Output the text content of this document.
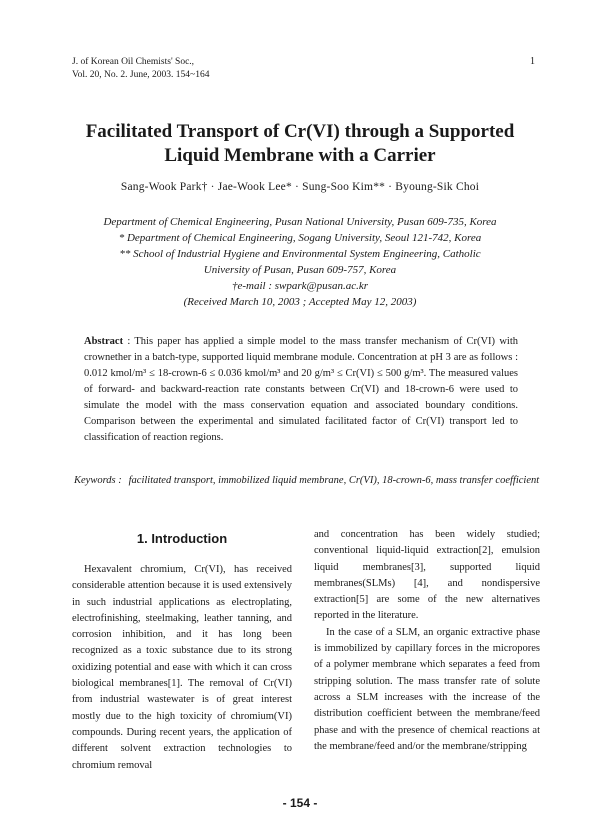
J. of Korean Oil Chemists' Soc.,
Vol. 20, No. 2. June, 2003. 154~164
1
Facilitated Transport of Cr(VI) through a Supported
Liquid Membrane with a Carrier
Sang-Wook Park† · Jae-Wook Lee* · Sung-Soo Kim** · Byoung-Sik Choi
Department of Chemical Engineering, Pusan National University, Pusan 609-735, Korea
* Department of Chemical Engineering, Sogang University, Seoul 121-742, Korea
** School of Industrial Hygiene and Environmental System Engineering, Catholic
University of Pusan, Pusan 609-757, Korea
†e-mail : swpark@pusan.ac.kr
(Received March 10, 2003 ; Accepted May 12, 2003)
Abstract : This paper has applied a simple model to the mass transfer mechanism of Cr(VI) with crownether in a batch-type, supported liquid membrane module. Concentration at pH 3 are as follows : 0.012 kmol/m³ ≤ 18-crown-6 ≤ 0.036 kmol/m³ and 20 g/m³ ≤ Cr(VI) ≤ 500 g/m³. The measured values of forward- and backward-reaction rate constants between Cr(VI) and 18-crown-6 were used to simulate the model with the mass conservation equation and associated boundary conditions. Comparison between the experimental and simulated facilitated factor of Cr(VI) transport led to classification of reaction regions.
Keywords : facilitated transport, immobilized liquid membrane, Cr(VI), 18-crown-6, mass transfer coefficient
1. Introduction

Hexavalent chromium, Cr(VI), has received considerable attention because it is used extensively in such industrial applications as electroplating, electrofinishing, steelmaking, leather tanning, and corrosion inhibition, and it has long been recognized as a toxic substance due to its strong oxidizing potential and ease with which it can cross biological membranes[1]. The removal of Cr(VI) from industrial wastewater is of great interest mostly due to the high toxicity of chromium(VI) compounds. During recent years, the application of different solvent extraction technologies to chromium removal

and concentration has been widely studied; conventional liquid-liquid extraction[2], emulsion liquid membranes[3], supported liquid membranes(SLMs) [4], and nondispersive extraction[5] are some of the new alternatives reported in the literature.

In the case of a SLM, an organic extractive phase is immobilized by capillary forces in the micropores of a polymer membrane which separates a feed from stripping solution. The mass transfer rate of solute across a SLM increases with the increase of the distribution coefficient between the membrane/feed phase and with the presence of chemical reactions at the membrane/feed and/or the membrane/stripping

- 154 -
